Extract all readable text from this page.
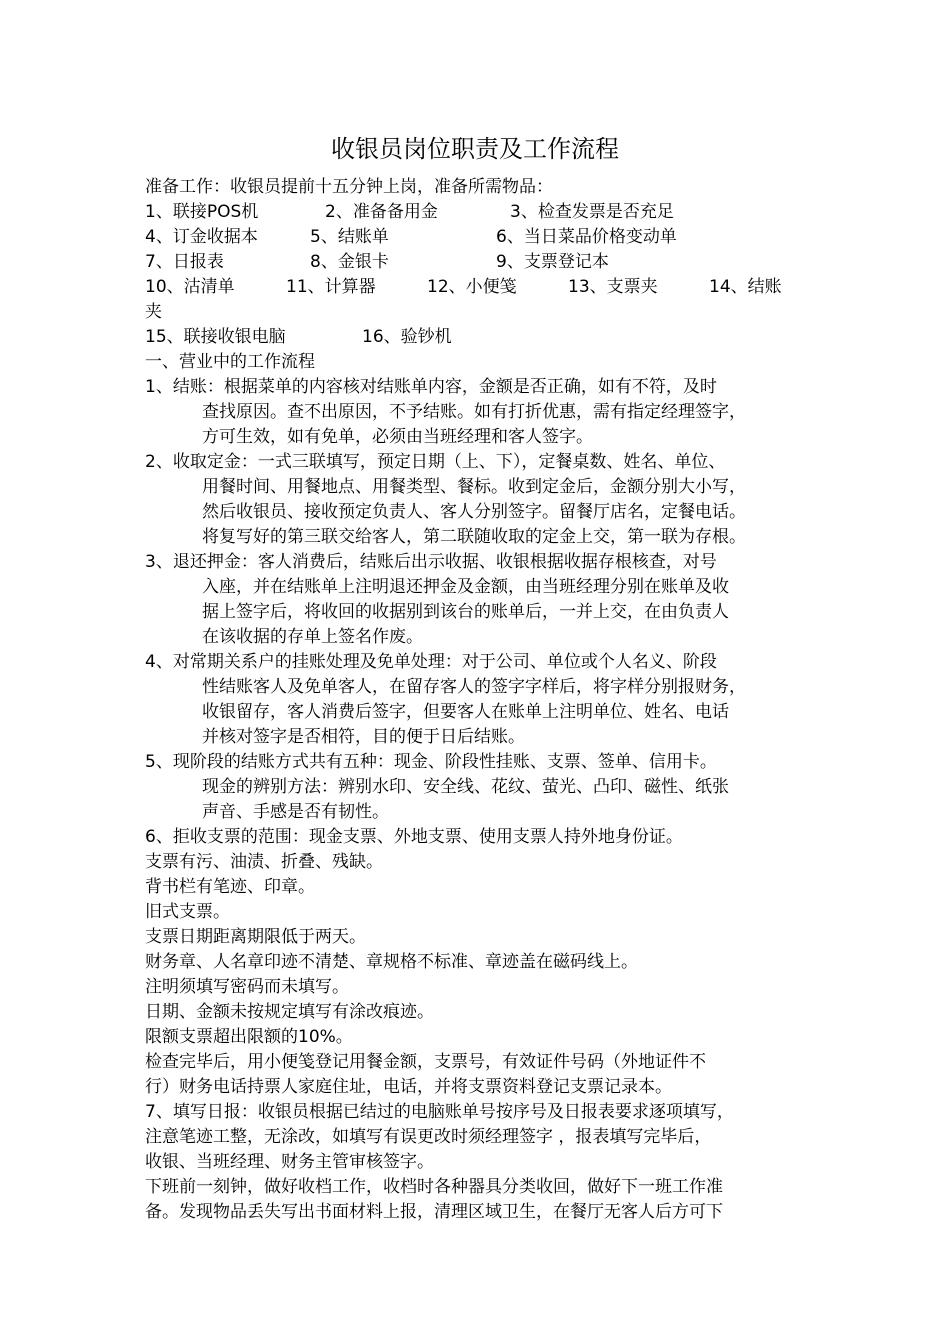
收银员岗位职责及工作流程
准备工作：收银员提前十五分钟上岗，准备所需物品：
1、联接POS机	2、准备备用金	3、检查发票是否充足
4、订金收据本	5、结账单	6、当日菜品价格变动单
7、日报表	8、金银卡	9、支票登记本
10、沽清单	11、计算器	12、小便笺	13、支票夹	14、结账
夹
15、联接收银电脑	16、验钞机
一、营业中的工作流程
1、结账：根据菜单的内容核对结账单内容，金额是否正确，如有不符，及时
查找原因。查不出原因，不予结账。如有打折优惠，需有指定经理签字，
方可生效，如有免单，必须由当班经理和客人签字。
2、收取定金：一式三联填写，预定日期（上、下），定餐桌数、姓名、单位、
用餐时间、用餐地点、用餐类型、餐标。收到定金后，金额分别大小写，
然后收银员、接收预定负责人、客人分别签字。留餐厅店名，定餐电话。
将复写好的第三联交给客人，第二联随收取的定金上交，第一联为存根。
3、退还押金：客人消费后，结账后出示收据、收银根据收据存根核查，对号
入座，并在结账单上注明退还押金及金额，由当班经理分别在账单及收
据上签字后，将收回的收据别到该台的账单后，一并上交，在由负责人
在该收据的存单上签名作废。
4、对常期关系户的挂账处理及免单处理：对于公司、单位或个人名义、阶段
性结账客人及免单客人，在留存客人的签字字样后，将字样分别报财务，
收银留存，客人消费后签字，但要客人在账单上注明单位、姓名、电话
并核对签字是否相符，目的便于日后结账。
5、现阶段的结账方式共有五种：现金、阶段性挂账、支票、签单、信用卡。
现金的辨别方法：辨别水印、安全线、花纹、萤光、凸印、磁性、纸张
声音、手感是否有韧性。
6、拒收支票的范围：现金支票、外地支票、使用支票人持外地身份证。
支票有污、油渍、折叠、残缺。
背书栏有笔迹、印章。
旧式支票。
支票日期距离期限低于两天。
财务章、人名章印迹不清楚、章规格不标准、章迹盖在磁码线上。
注明须填写密码而未填写。
日期、金额未按规定填写有涂改痕迹。
限额支票超出限额的10%。
检查完毕后，用小便笺登记用餐金额，支票号，有效证件号码（外地证件不
行）财务电话持票人家庭住址，电话，并将支票资料登记支票记录本。
7、填写日报：收银员根据已结过的电脑账单号按序号及日报表要求逐项填写，
注意笔迹工整，无涂改，如填写有误更改时须经理签字 ，报表填写完毕后，
收银、当班经理、财务主管审核签字。
下班前一刻钟，做好收档工作，收档时各种器具分类收回，做好下一班工作准
备。发现物品丢失写出书面材料上报，清理区域卫生，在餐厅无客人后方可下
